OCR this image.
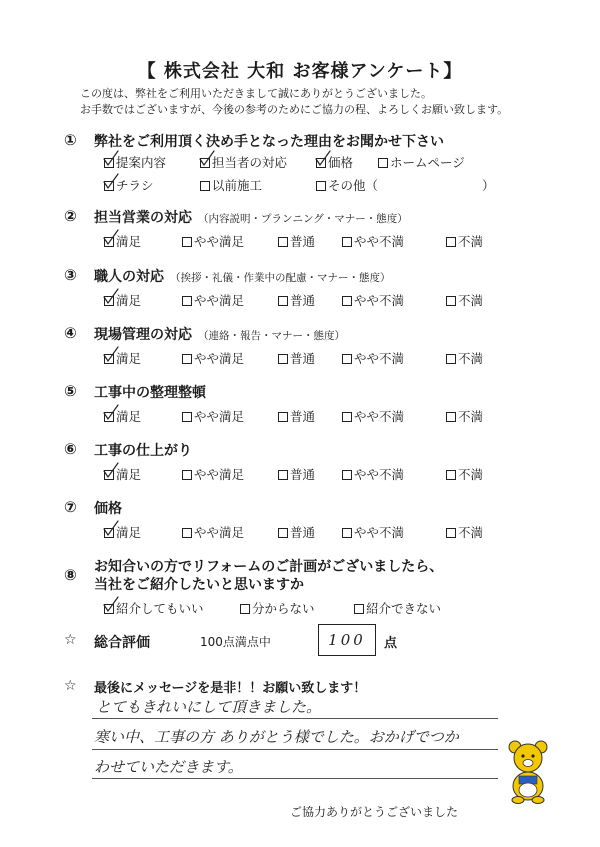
【 株式会社 大和 お客様アンケート】
この度は、弊社をご利用いただきまして誠にありがとうございました。
お手数ではございますが、今後の参考のためにご協力の程、よろしくお願い致します。
① 弊社をご利用頂く決め手となった理由をお聞かせ下さい
提案内容	担当者の対応	価格	ホームページ
チラシ	以前施工	その他（	）
② 担当営業の対応 （内容説明・プランニング・マナー・態度）
満足	やや満足	普通	やや不満	不満
③ 職人の対応 （挨拶・礼儀・作業中の配慮・マナー・態度）
満足	やや満足	普通	やや不満	不満
④ 現場管理の対応 （連絡・報告・マナー・態度）
満足	やや満足	普通	やや不満	不満
⑤ 工事中の整理整頓
満足	やや満足	普通	やや不満	不満
⑥ 工事の仕上がり
満足	やや満足	普通	やや不満	不満
⑦ 価格
満足	やや満足	普通	やや不満	不満
⑧ お知合いの方でリフォームのご計画がございましたら、
当社をご紹介したいと思いますか
紹介してもいい	分からない	紹介できない
☆ 総合評価	100点満点中	100	点
☆ 最後にメッセージを是非！！お願い致します！
とてもきれいにして頂きました。
寒い中、工事の方 ありがとう様でした。おかげでつか
わせていただきます。
ご協力ありがとうございました
